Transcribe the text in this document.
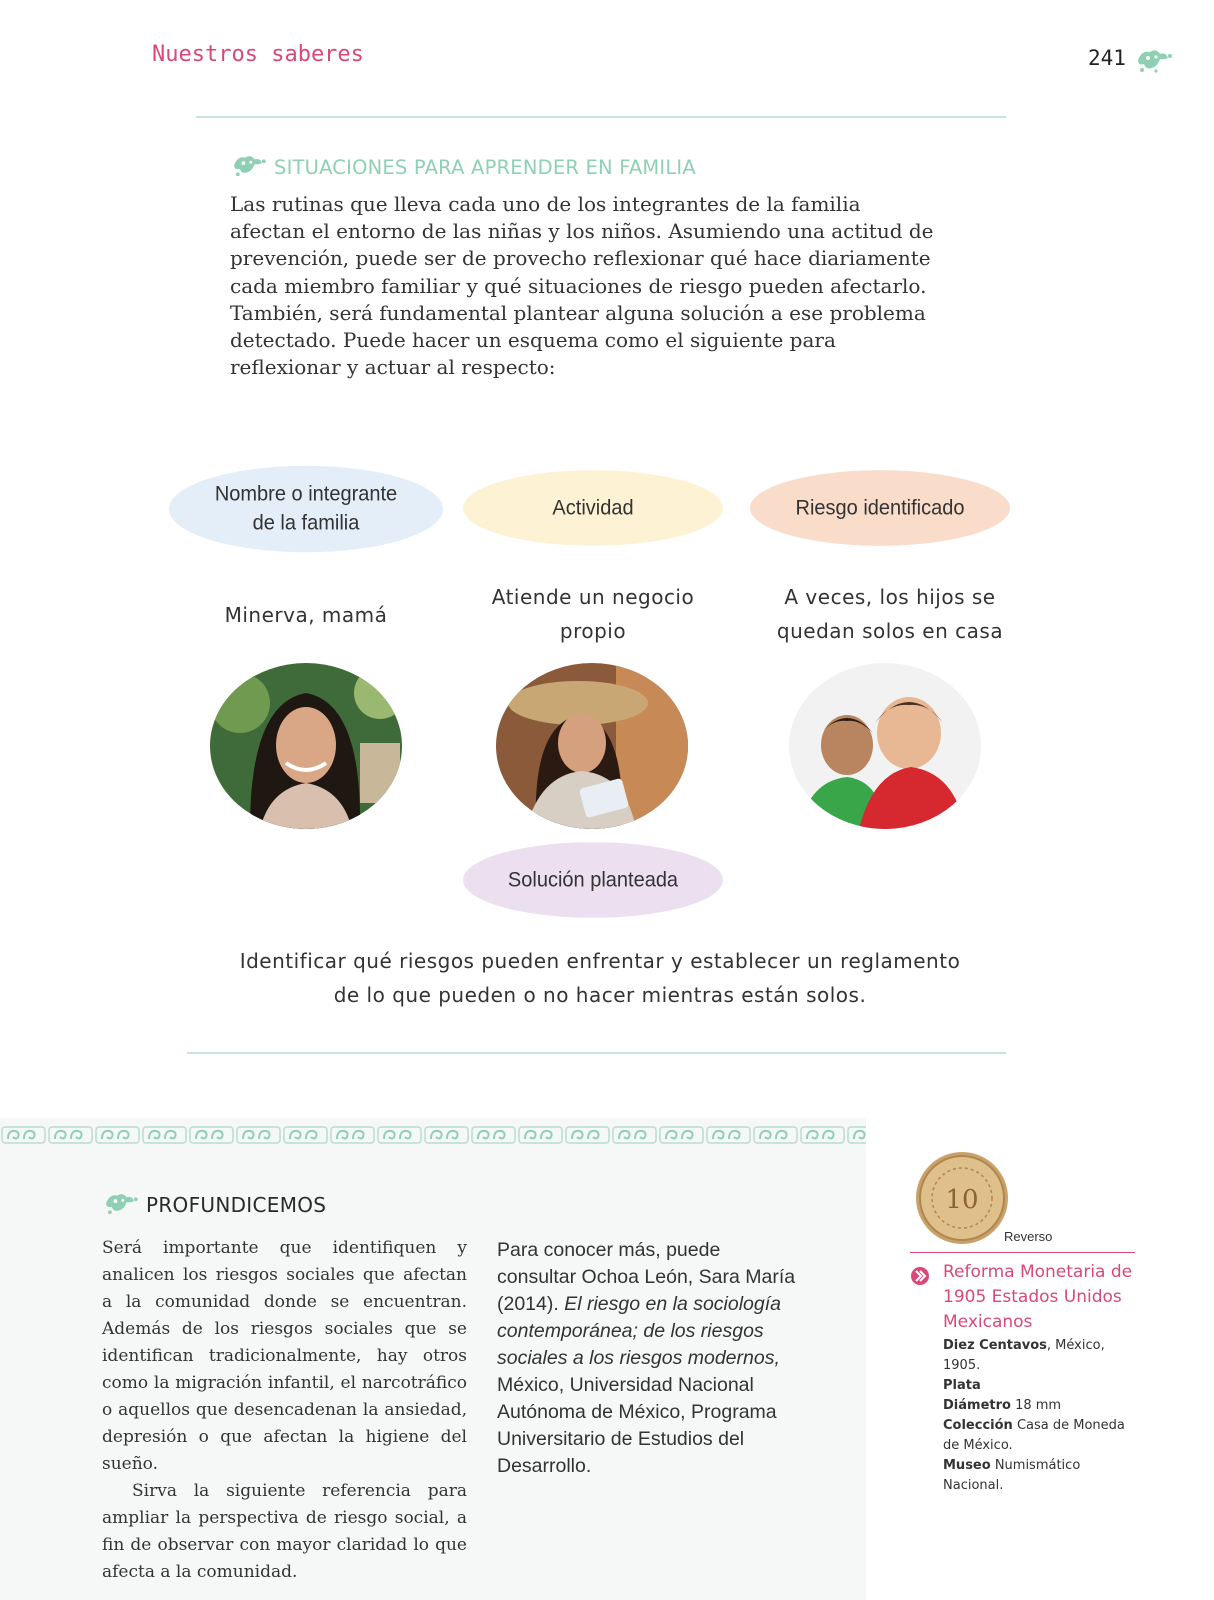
Nuestros saberes	241
SITUACIONES PARA APRENDER EN FAMILIA

Las rutinas que lleva cada uno de los integrantes de la familia afectan el entorno de las niñas y los niños. Asumiendo una actitud de prevención, puede ser de provecho reflexionar qué hace diariamente cada miembro familiar y qué situaciones de riesgo pueden afectarlo. También, será fundamental plantear alguna solución a ese problema detectado. Puede hacer un esquema como el siguiente para reflexionar y actuar al respecto:

Nombre o integrante
de la familia
Actividad	Riesgo identificado
Minerva, mamá
Atiende un negocio
propio
A veces, los hijos se
quedan solos en casa
Solución planteada
Identificar qué riesgos pueden enfrentar y establecer un reglamento
de lo que pueden o no hacer mientras están solos.
PROFUNDICEMOS

Será importante que identifiquen y analicen los riesgos sociales que afectan a la comunidad donde se encuentran. Además de los riesgos sociales que se identifican tradicionalmente, hay otros como la migración infantil, el narcotráfico o aquellos que desencadenan la ansiedad, depresión o que afectan la higiene del sueño.

Sirva la siguiente referencia para ampliar la perspectiva de riesgo social, a fin de observar con mayor claridad lo que afecta a la comunidad.

Para conocer más, puede consultar Ochoa León, Sara María (2014). El riesgo en la sociología contemporánea; de los riesgos sociales a los riesgos modernos, México, Universidad Nacional Autónoma de México, Programa Universitario de Estudios del Desarrollo.
10
Reverso
Reforma Monetaria de 1905 Estados Unidos Mexicanos
Diez Centavos, México, 1905.
Plata
Diámetro 18 mm
Colección Casa de Moneda de México.
Museo Numismático Nacional.
